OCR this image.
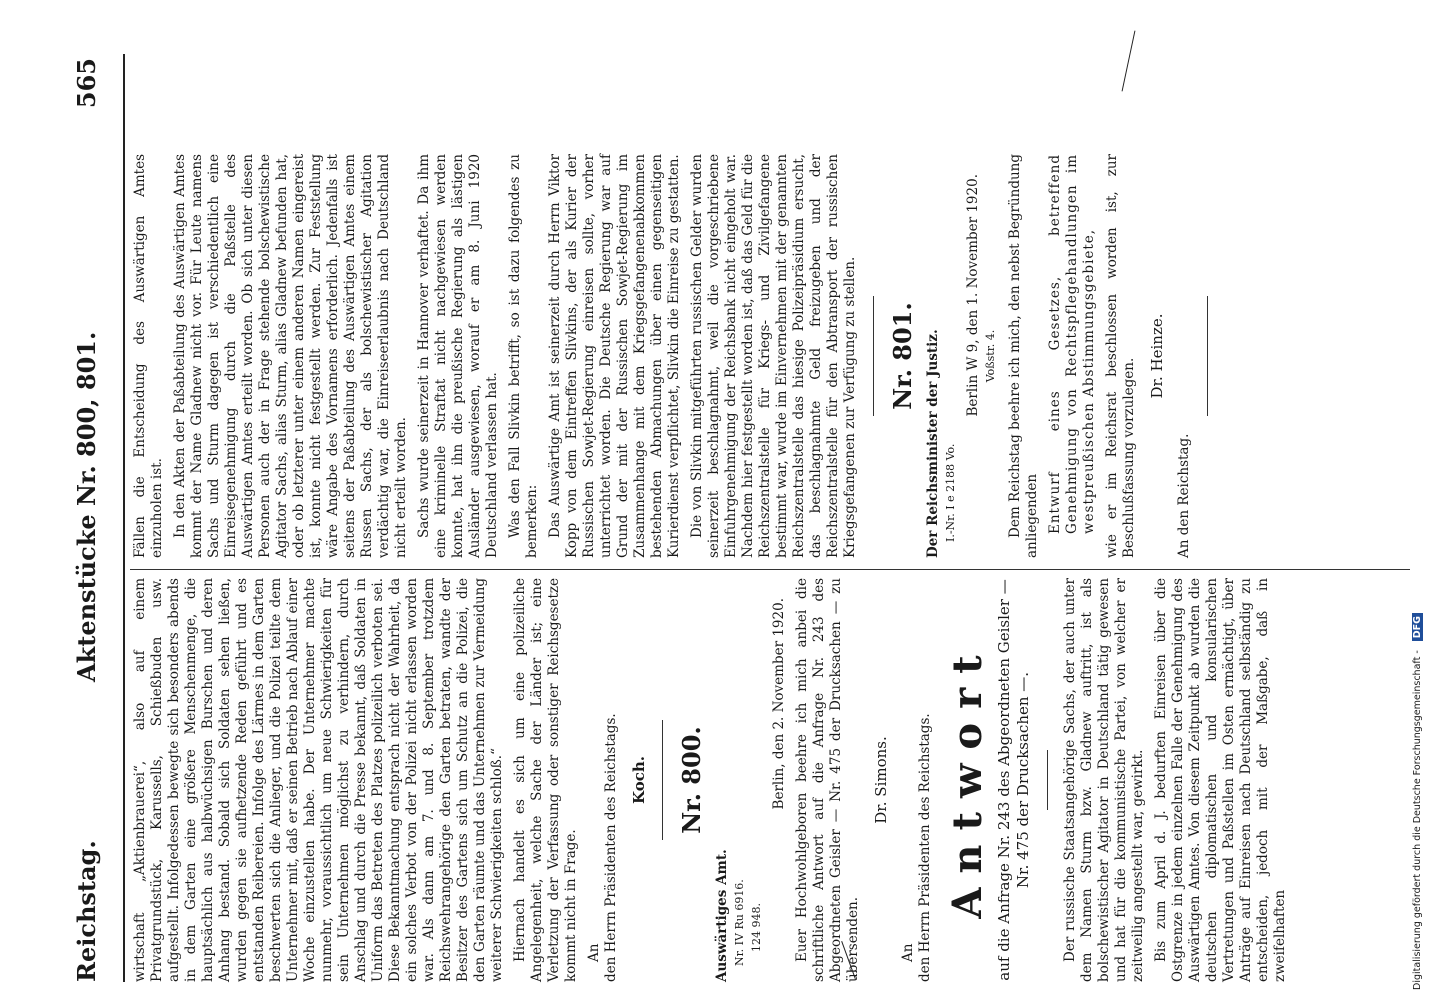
Reichstag.
Aktenstücke Nr. 800, 801.
565

wirtschaft „Aktienbrauerei“, also auf einem Privatgrundstück, Karussells, Schießbuden usw. aufgestellt. Infolgedessen bewegte sich besonders abends in dem Garten eine größere Menschenmenge, die hauptsächlich aus halbwüchsigen Burschen und deren Anhang bestand. Sobald sich Soldaten sehen ließen, wurden gegen sie aufhetzende Reden geführt und es entstanden Reibereien. Infolge des Lärmes in dem Garten beschwerten sich die Anlieger, und die Polizei teilte dem Unternehmer mit, daß er seinen Betrieb nach Ablauf einer Woche einzustellen habe. Der Unternehmer machte nunmehr, voraussichtlich um neue Schwierigkeiten für sein Unternehmen möglichst zu verhindern, durch Anschlag und durch die Presse bekannt, daß Soldaten in Uniform das Betreten des Platzes polizeilich verboten sei. Diese Bekanntmachung entsprach nicht der Wahrheit, da ein solches Verbot von der Polizei nicht erlassen worden war. Als dann am 7. und 8. September trotzdem Reichswehrangehörige den Garten betraten, wandte der Besitzer des Gartens sich um Schutz an die Polizei, die den Garten räumte und das Unternehmen zur Vermeidung weiterer Schwierigkeiten schloß.“ Hiernach handelt es sich um eine polizeiliche Angelegenheit, welche Sache der Länder ist; eine Verletzung der Verfassung oder sonstiger Reichsgesetze kommt nicht in Frage. An den Herrn Präsidenten des Reichstags. Koch. Nr. 800.

Auswärtiges Amt. Nr. IV Ru 6916. 124 948.

Berlin, den 2. November 1920. Euer Hochwohlgeboren beehre ich mich anbei die schriftliche Antwort auf die Anfrage Nr. 243 des Abgeordneten Geisler — Nr. 475 der Drucksachen — zu übersenden.

Dr. Simons.

An den Herrn Präsidenten des Reichstags. Antwort auf die Anfrage Nr. 243 des Abgeordneten Geisler — Nr. 475 der Drucksachen —. Der russische Staatsangehörige Sachs, der auch unter dem Namen Sturm bzw. Gladnew auftritt, ist als bolschewistischer Agitator in Deutschland tätig gewesen und hat für die kommunistische Partei, von welcher er zeitweilig angestellt war, gewirkt. Bis zum April d. J. bedurften Einreisen über die Ostgrenze in jedem einzelnen Falle der Genehmigung des Auswärtigen Amtes. Von diesem Zeitpunkt ab wurden die deutschen diplomatischen und konsularischen Vertretungen und Paßstellen im Osten ermächtigt, über Anträge auf Einreisen nach Deutschland selbständig zu entscheiden, jedoch mit der Maßgabe, daß in zweifelhaften

Fällen die Entscheidung des Auswärtigen Amtes einzuholen ist. In den Akten der Paßabteilung des Auswärtigen Amtes kommt der Name Gladnew nicht vor. Für Leute namens Sachs und Sturm dagegen ist verschiedentlich eine Einreisegenehmigung durch die Paßstelle des Auswärtigen Amtes erteilt worden. Ob sich unter diesen Personen auch der in Frage stehende bolschewistische Agitator Sachs, alias Sturm, alias Gladnew befunden hat, oder ob letzterer unter einem anderen Namen eingereist ist, konnte nicht festgestellt werden. Zur Feststellung wäre Angabe des Vornamens erforderlich. Jedenfalls ist seitens der Paßabteilung des Auswärtigen Amtes einem Russen Sachs, der als bolschewistischer Agitation verdächtig war, die Einreiseerlaubnis nach Deutschland nicht erteilt worden. Sachs wurde seinerzeit in Hannover verhaftet. Da ihm eine kriminelle Straftat nicht nachgewiesen werden konnte, hat ihn die preußische Regierung als lästigen Ausländer ausgewiesen, worauf er am 8. Juni 1920 Deutschland verlassen hat. Was den Fall Slivkin betrifft, so ist dazu folgendes zu bemerken: Das Auswärtige Amt ist seinerzeit durch Herrn Viktor Kopp von dem Eintreffen Slivkins, der als Kurier der Russischen Sowjet-Regierung einreisen sollte, vorher unterrichtet worden. Die Deutsche Regierung war auf Grund der mit der Russischen Sowjet-Regierung im Zusammenhange mit dem Kriegsgefangenenabkommen bestehenden Abmachungen über einen gegenseitigen Kurierdienst verpflichtet, Slivkin die Einreise zu gestatten. Die von Slivkin mitgeführten russischen Gelder wurden seinerzeit beschlagnahmt, weil die vorgeschriebene Einfuhrgenehmigung der Reichsbank nicht eingeholt war. Nachdem hier festgestellt worden ist, daß das Geld für die Reichszentralstelle für Kriegs- und Zivilgefangene bestimmt war, wurde im Einvernehmen mit der genannten Reichszentralstelle das hiesige Polizeipräsidium ersucht, das beschlagnahmte Geld freizugeben und der Reichszentralstelle für den Abtransport der russischen Kriegsgefangenen zur Verfügung zu stellen. Nr. 801. Der Reichsminister der Justiz. I.-Nr. I e 2188 Vo.

Berlin W 9, den 1. November 1920. Voßstr. 4. Dem Reichstag beehre ich mich, den nebst Begründung anliegenden Entwurf eines Gesetzes, betreffend Genehmigung von Rechtspflegehandlungen im westpreußischen Abstimmungsgebiete, wie er im Reichsrat beschlossen worden ist, zur Beschlußfassung vorzulegen.

Dr. Heinze.

An den Reichstag.

Digitalisierung gefördert durch die Deutsche Forschungsgemeinschaft - DFG
